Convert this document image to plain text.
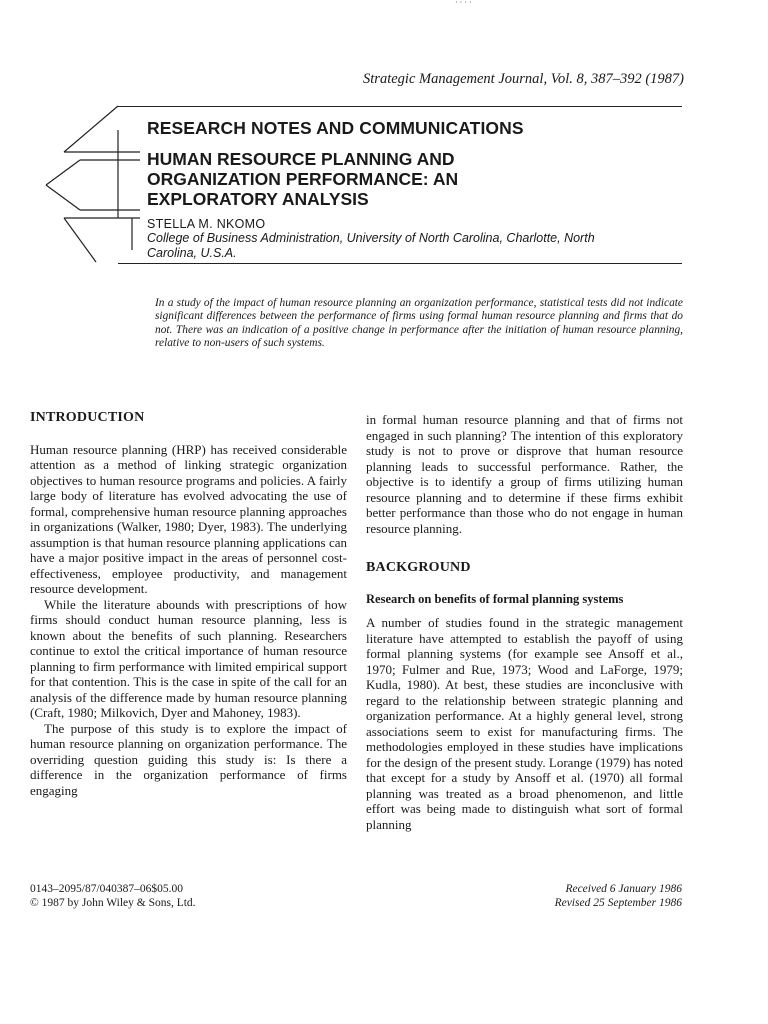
· · · ·
Strategic Management Journal, Vol. 8, 387–392 (1987)
RESEARCH NOTES AND COMMUNICATIONS
HUMAN RESOURCE PLANNING AND
ORGANIZATION PERFORMANCE: AN
EXPLORATORY ANALYSIS
STELLA M. NKOMO
College of Business Administration, University of North Carolina, Charlotte, North
Carolina, U.S.A.
In a study of the impact of human resource planning an organization performance, statistical tests did not indicate significant differences between the performance of firms using formal human resource planning and firms that do not. There was an indication of a positive change in performance after the initiation of human resource planning, relative to non-users of such systems.
INTRODUCTION

Human resource planning (HRP) has received considerable attention as a method of linking strategic organization objectives to human resource programs and policies. A fairly large body of literature has evolved advocating the use of formal, comprehensive human resource planning approaches in organizations (Walker, 1980; Dyer, 1983). The underlying assumption is that human resource planning applications can have a major positive impact in the areas of personnel cost-effectiveness, employee productivity, and management resource development.

While the literature abounds with prescriptions of how firms should conduct human resource planning, less is known about the benefits of such planning. Researchers continue to extol the critical importance of human resource planning to firm performance with limited empirical support for that contention. This is the case in spite of the call for an analysis of the difference made by human resource planning (Craft, 1980; Milkovich, Dyer and Mahoney, 1983).

The purpose of this study is to explore the impact of human resource planning on organization performance. The overriding question guiding this study is: Is there a difference in the organization performance of firms engaging

in formal human resource planning and that of firms not engaged in such planning? The intention of this exploratory study is not to prove or disprove that human resource planning leads to successful performance. Rather, the objective is to identify a group of firms utilizing human resource planning and to determine if these firms exhibit better performance than those who do not engage in human resource planning.

BACKGROUND
Research on benefits of formal planning systems

A number of studies found in the strategic management literature have attempted to establish the payoff of using formal planning systems (for example see Ansoff et al., 1970; Fulmer and Rue, 1973; Wood and LaForge, 1979; Kudla, 1980). At best, these studies are inconclusive with regard to the relationship between strategic planning and organization performance. At a highly general level, strong associations seem to exist for manufacturing firms. The methodologies employed in these studies have implications for the design of the present study. Lorange (1979) has noted that except for a study by Ansoff et al. (1970) all formal planning was treated as a broad phenomenon, and little effort was being made to distinguish what sort of formal planning

0143–2095/87/040387–06$05.00
© 1987 by John Wiley & Sons, Ltd.
Received 6 January 1986
Revised 25 September 1986
